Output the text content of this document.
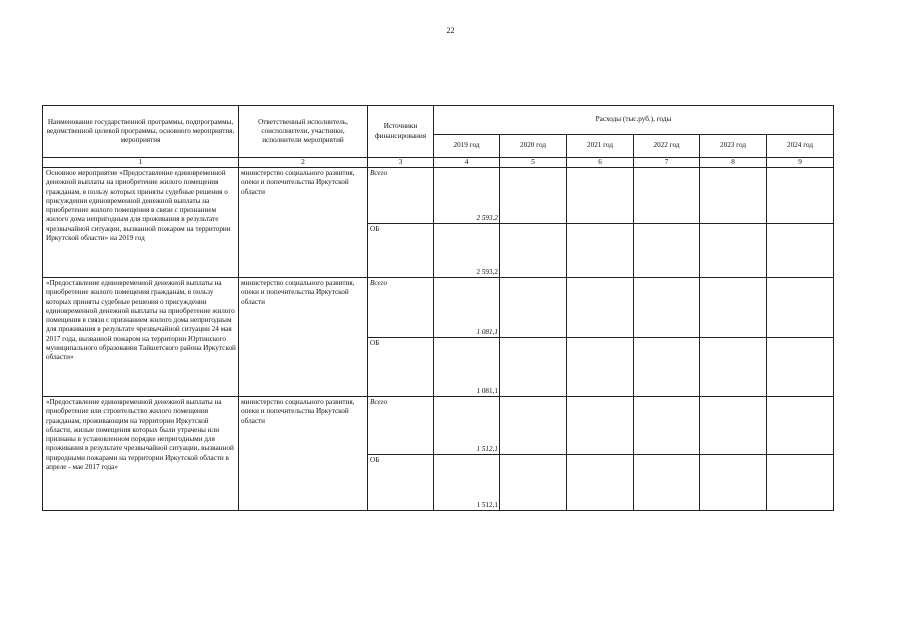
22
Наименование государственной программы, подпрограммы, ведомственной целевой программы, основного мероприятия, мероприятия	Ответственный исполнитель, соисполнители, участники, исполнители мероприятий	Источники финансирования	Расходы (тыс.руб.), годы					
			2019 год	2020 год	2021 год	2022 год	2023 год	2024 год
1	2	3	4	5	6	7	8	9
Основное мероприятие «Предоставление единовременной денежной выплаты на приобретение жилого помещения гражданам, в пользу которых приняты судебные решения о присуждении единовременной денежной выплаты на приобретение жилого помещения в связи с признанием жилого дома непригодным для проживания в результате чрезвычайной ситуации, вызванной пожаром на территории Иркутской области» на 2019 год	министерство социального развития, опеки и попечительства Иркутской области	Всего	2 593,2					
		ОБ	2 593,2					
«Предоставление единовременной денежной выплаты на приобретение жилого помещения гражданам, в пользу которых приняты судебные решения о присуждении единовременной денежной выплаты на приобретение жилого помещения в связи с признанием жилого дома непригодным для проживания в результате чрезвычайной ситуации 24 мая 2017 года, вызванной пожаром на территории Юртинского муниципального образования Тайшетского района Иркутской области»	министерство социального развития, опеки и попечительства Иркутской области	Всего	1 081,1					
		ОБ	1 081,1					
«Предоставление единовременной денежной выплаты на приобретение или строительство жилого помещения гражданам, проживающим на территории Иркутской области, жилые помещения которых были утрачены или признаны в установленном порядке непригодными для проживания в результате чрезвычайной ситуации, вызванной природными пожарами на территории Иркутской области в апреле - мае 2017 года»	министерство социального развития, опеки и попечительства Иркутской области	Всего	1 512,1					
		ОБ	1 512,1					
